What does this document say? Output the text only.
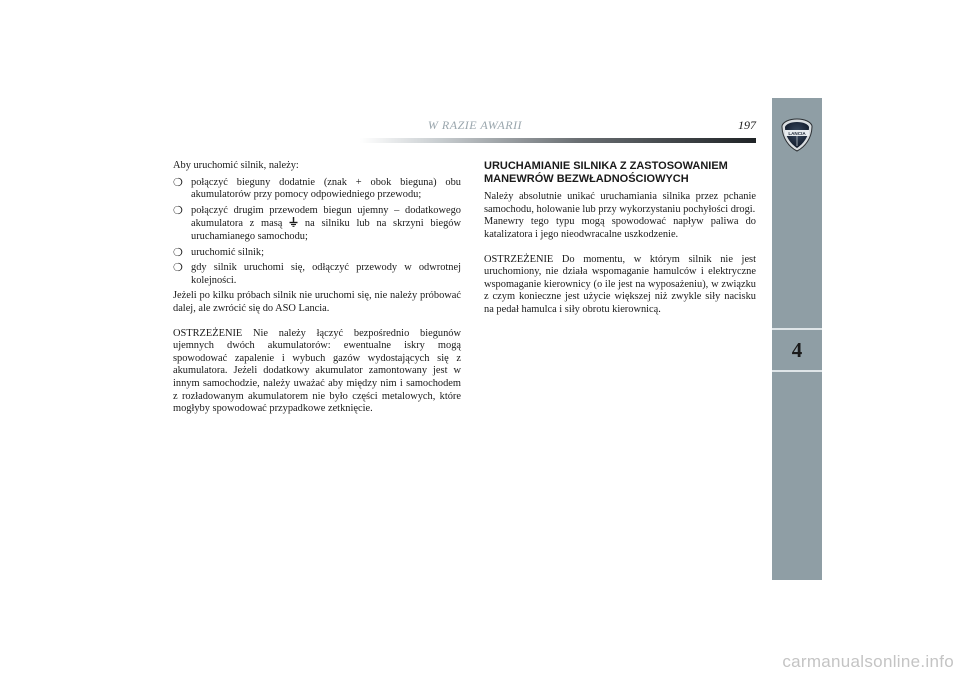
W RAZIE AWARII	197
LANCIA
4

Aby uruchomić silnik, należy:

❍ połączyć bieguny dodatnie (znak + obok bieguna) obu akumulatorów przy pomocy odpowiedniego przewodu;
❍ połączyć drugim przewodem biegun ujemny – dodatkowego akumulatora z masą na silniku lub na skrzyni biegów uruchamianego samochodu;
❍ uruchomić silnik;
❍ gdy silnik uruchomi się, odłączyć przewody w odwrotnej kolejności.

Jeżeli po kilku próbach silnik nie uruchomi się, nie należy próbować dalej, ale zwrócić się do ASO Lancia.

OSTRZEŻENIE Nie należy łączyć bezpośrednio biegunów ujemnych dwóch akumulatorów: ewentualne iskry mogą spowodować zapalenie i wybuch gazów wydostających się z akumulatora. Jeżeli dodatkowy akumulator zamontowany jest w innym samochodzie, należy uważać aby między nim i samochodem z rozładowanym akumulatorem nie było części metalowych, które mogłyby spowodować przypadkowe zetknięcie.

URUCHAMIANIE SILNIKA Z ZASTOSOWANIEM MANEWRÓW BEZWŁADNOŚCIOWYCH

Należy absolutnie unikać uruchamiania silnika przez pchanie samochodu, holowanie lub przy wykorzystaniu pochyłości drogi.

Manewry tego typu mogą spowodować napływ paliwa do katalizatora i jego nieodwracalne uszkodzenie.

OSTRZEŻENIE Do momentu, w którym silnik nie jest uruchomiony, nie działa wspomaganie hamulców i elektryczne wspomaganie kierownicy (o ile jest na wyposażeniu), w związku z czym konieczne jest użycie większej niż zwykle siły nacisku na pedał hamulca i siły obrotu kierownicą.

carmanualsonline.info
